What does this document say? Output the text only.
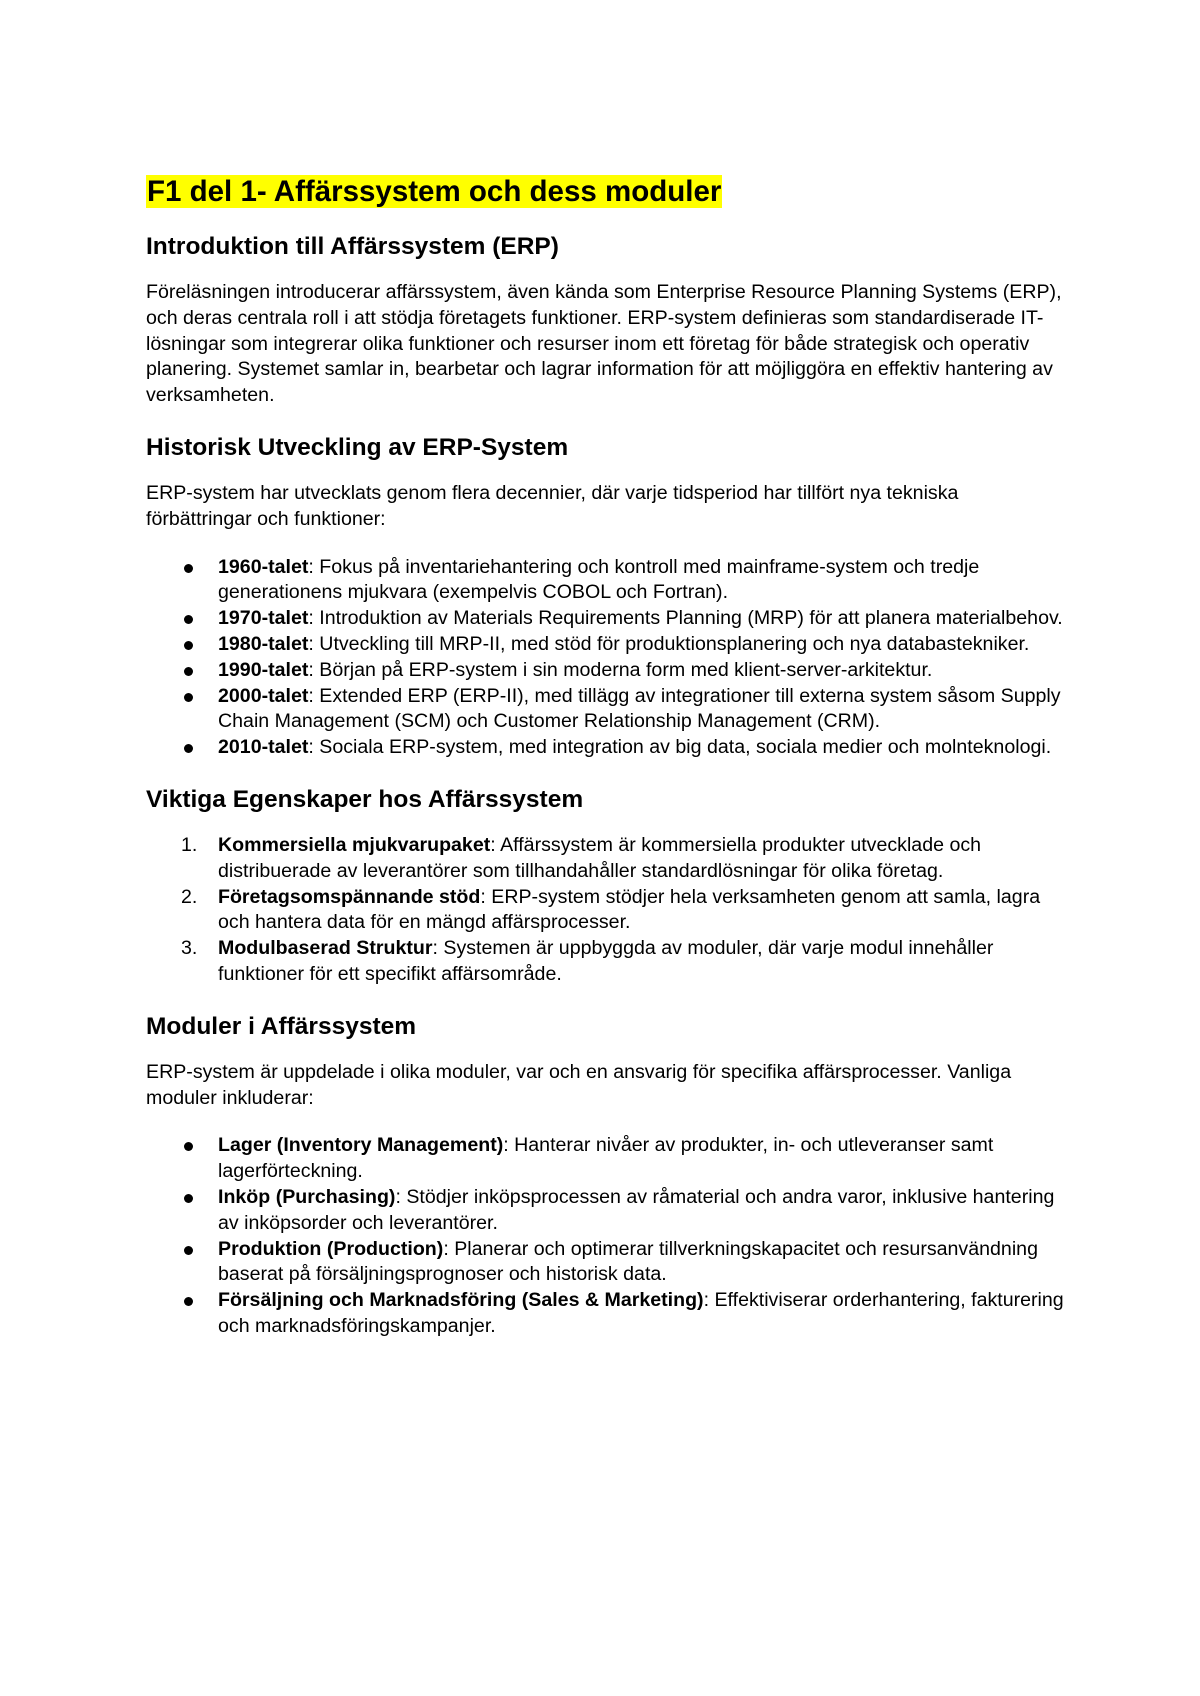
F1 del 1- Affärssystem och dess moduler
Introduktion till Affärssystem (ERP)

Föreläsningen introducerar affärssystem, även kända som Enterprise Resource Planning Systems (ERP), och deras centrala roll i att stödja företagets funktioner. ERP-system definieras som standardiserade IT-lösningar som integrerar olika funktioner och resurser inom ett företag för både strategisk och operativ planering. Systemet samlar in, bearbetar och lagrar information för att möjliggöra en effektiv hantering av verksamheten.

Historisk Utveckling av ERP-System

ERP-system har utvecklats genom flera decennier, där varje tidsperiod har tillfört nya tekniska förbättringar och funktioner:

1960-talet: Fokus på inventariehantering och kontroll med mainframe-system och tredje generationens mjukvara (exempelvis COBOL och Fortran).
1970-talet: Introduktion av Materials Requirements Planning (MRP) för att planera materialbehov.
1980-talet: Utveckling till MRP-II, med stöd för produktionsplanering och nya databastekniker.
1990-talet: Början på ERP-system i sin moderna form med klient-server-arkitektur.
2000-talet: Extended ERP (ERP-II), med tillägg av integrationer till externa system såsom Supply Chain Management (SCM) och Customer Relationship Management (CRM).
2010-talet: Sociala ERP-system, med integration av big data, sociala medier och molnteknologi.
Viktiga Egenskaper hos Affärssystem
1. Kommersiella mjukvarupaket: Affärssystem är kommersiella produkter utvecklade och distribuerade av leverantörer som tillhandahåller standardlösningar för olika företag.
2. Företagsomspännande stöd: ERP-system stödjer hela verksamheten genom att samla, lagra och hantera data för en mängd affärsprocesser.
3. Modulbaserad Struktur: Systemen är uppbyggda av moduler, där varje modul innehåller funktioner för ett specifikt affärsområde.
Moduler i Affärssystem

ERP-system är uppdelade i olika moduler, var och en ansvarig för specifika affärsprocesser. Vanliga moduler inkluderar:

Lager (Inventory Management): Hanterar nivåer av produkter, in- och utleveranser samt lagerförteckning.
Inköp (Purchasing): Stödjer inköpsprocessen av råmaterial och andra varor, inklusive hantering av inköpsorder och leverantörer.
Produktion (Production): Planerar och optimerar tillverkningskapacitet och resursanvändning baserat på försäljningsprognoser och historisk data.
Försäljning och Marknadsföring (Sales & Marketing): Effektiviserar orderhantering, fakturering och marknadsföringskampanjer.
